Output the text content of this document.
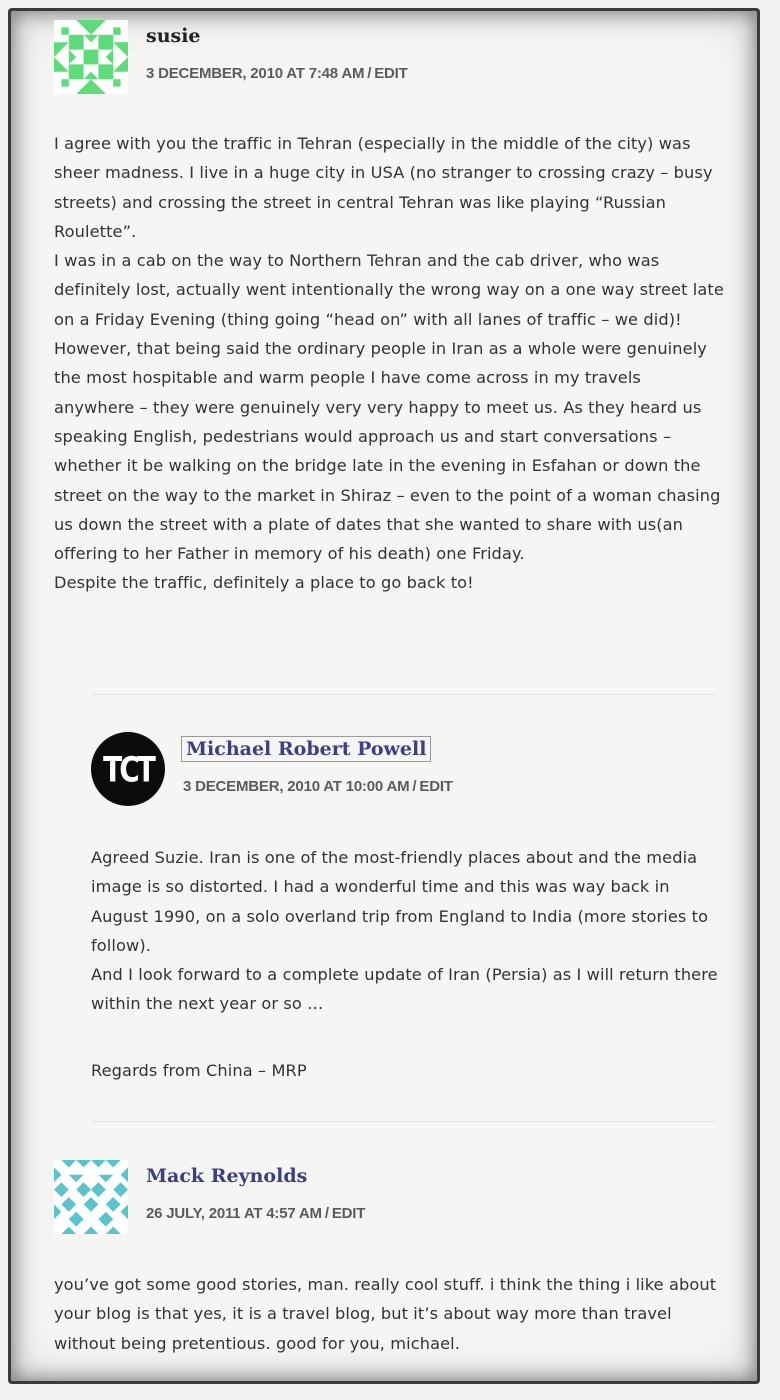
susie
3 DECEMBER, 2010 AT 7:48 AM / EDIT

I agree with you the traffic in Tehran (especially in the middle of the city) was sheer madness. I live in a huge city in USA (no stranger to crossing crazy – busy streets) and crossing the street in central Tehran was like playing “Russian Roulette”.

I was in a cab on the way to Northern Tehran and the cab driver, who was definitely lost, actually went intentionally the wrong way on a one way street late on a Friday Evening (thing going “head on” with all lanes of traffic – we did)!

However, that being said the ordinary people in Iran as a whole were genuinely the most hospitable and warm people I have come across in my travels anywhere – they were genuinely very very happy to meet us. As they heard us speaking English, pedestrians would approach us and start conversations – whether it be walking on the bridge late in the evening in Esfahan or down the street on the way to the market in Shiraz – even to the point of a woman chasing us down the street with a plate of dates that she wanted to share with us(an offering to her Father in memory of his death) one Friday.

Despite the traffic, definitely a place to go back to!

TCT Michael Robert Powell
3 DECEMBER, 2010 AT 10:00 AM / EDIT

Agreed Suzie. Iran is one of the most-friendly places about and the media image is so distorted. I had a wonderful time and this was way back in August 1990, on a solo overland trip from England to India (more stories to follow).

And I look forward to a complete update of Iran (Persia) as I will return there within the next year or so …

Regards from China – MRP

Mack Reynolds
26 JULY, 2011 AT 4:57 AM / EDIT

you’ve got some good stories, man. really cool stuff. i think the thing i like about your blog is that yes, it is a travel blog, but it’s about way more than travel without being pretentious. good for you, michael.
